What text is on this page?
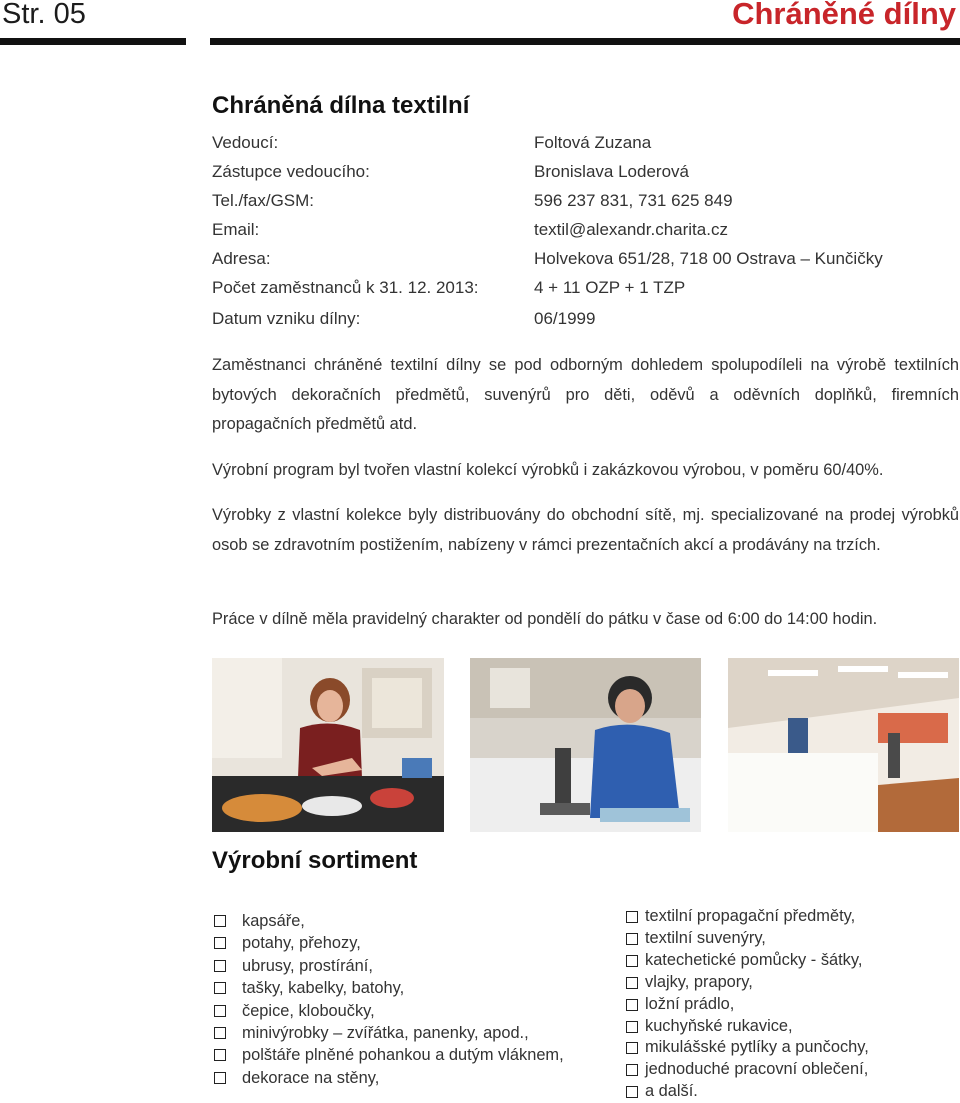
Str. 05	Chráněné dílny
Chráněná dílna textilní
Vedoucí:	Foltová Zuzana
Zástupce vedoucího:	Bronislava Loderová
Tel./fax/GSM:	596 237 831, 731 625 849
Email:	textil@alexandr.charita.cz
Adresa:	Holvekova 651/28, 718 00 Ostrava – Kunčičky
Počet zaměstnanců k 31. 12. 2013:	4 + 11 OZP + 1 TZP
Datum vzniku dílny:	06/1999

Zaměstnanci chráněné textilní dílny se pod odborným dohledem spolupodíleli na výrobě textilních bytových dekoračních předmětů, suvenýrů pro děti, oděvů a oděvních doplňků, firemních propagačních předmětů atd.

Výrobní program byl tvořen vlastní kolekcí výrobků i zakázkovou výrobou, v poměru 60/40%.

Výrobky z vlastní kolekce byly distribuovány do obchodní sítě, mj. specializované na prodej výrobků osob se zdravotním postižením, nabízeny v rámci prezentačních akcí a prodávány na trzích.

Práce v dílně měla pravidelný charakter od pondělí do pátku v čase od 6:00 do 14:00 hodin.

Výrobní sortiment
kapsáře,
potahy, přehozy,
ubrusy, prostírání,
tašky, kabelky, batohy,
čepice, kloboučky,
minivýrobky – zvířátka, panenky, apod.,
polštáře plněné pohankou a dutým vláknem,
dekorace na stěny,
textilní propagační předměty,
textilní suvenýry,
katechetické pomůcky - šátky,
vlajky, prapory,
ložní prádlo,
kuchyňské rukavice,
mikulášské pytlíky a punčochy,
jednoduché pracovní oblečení,
a další.
